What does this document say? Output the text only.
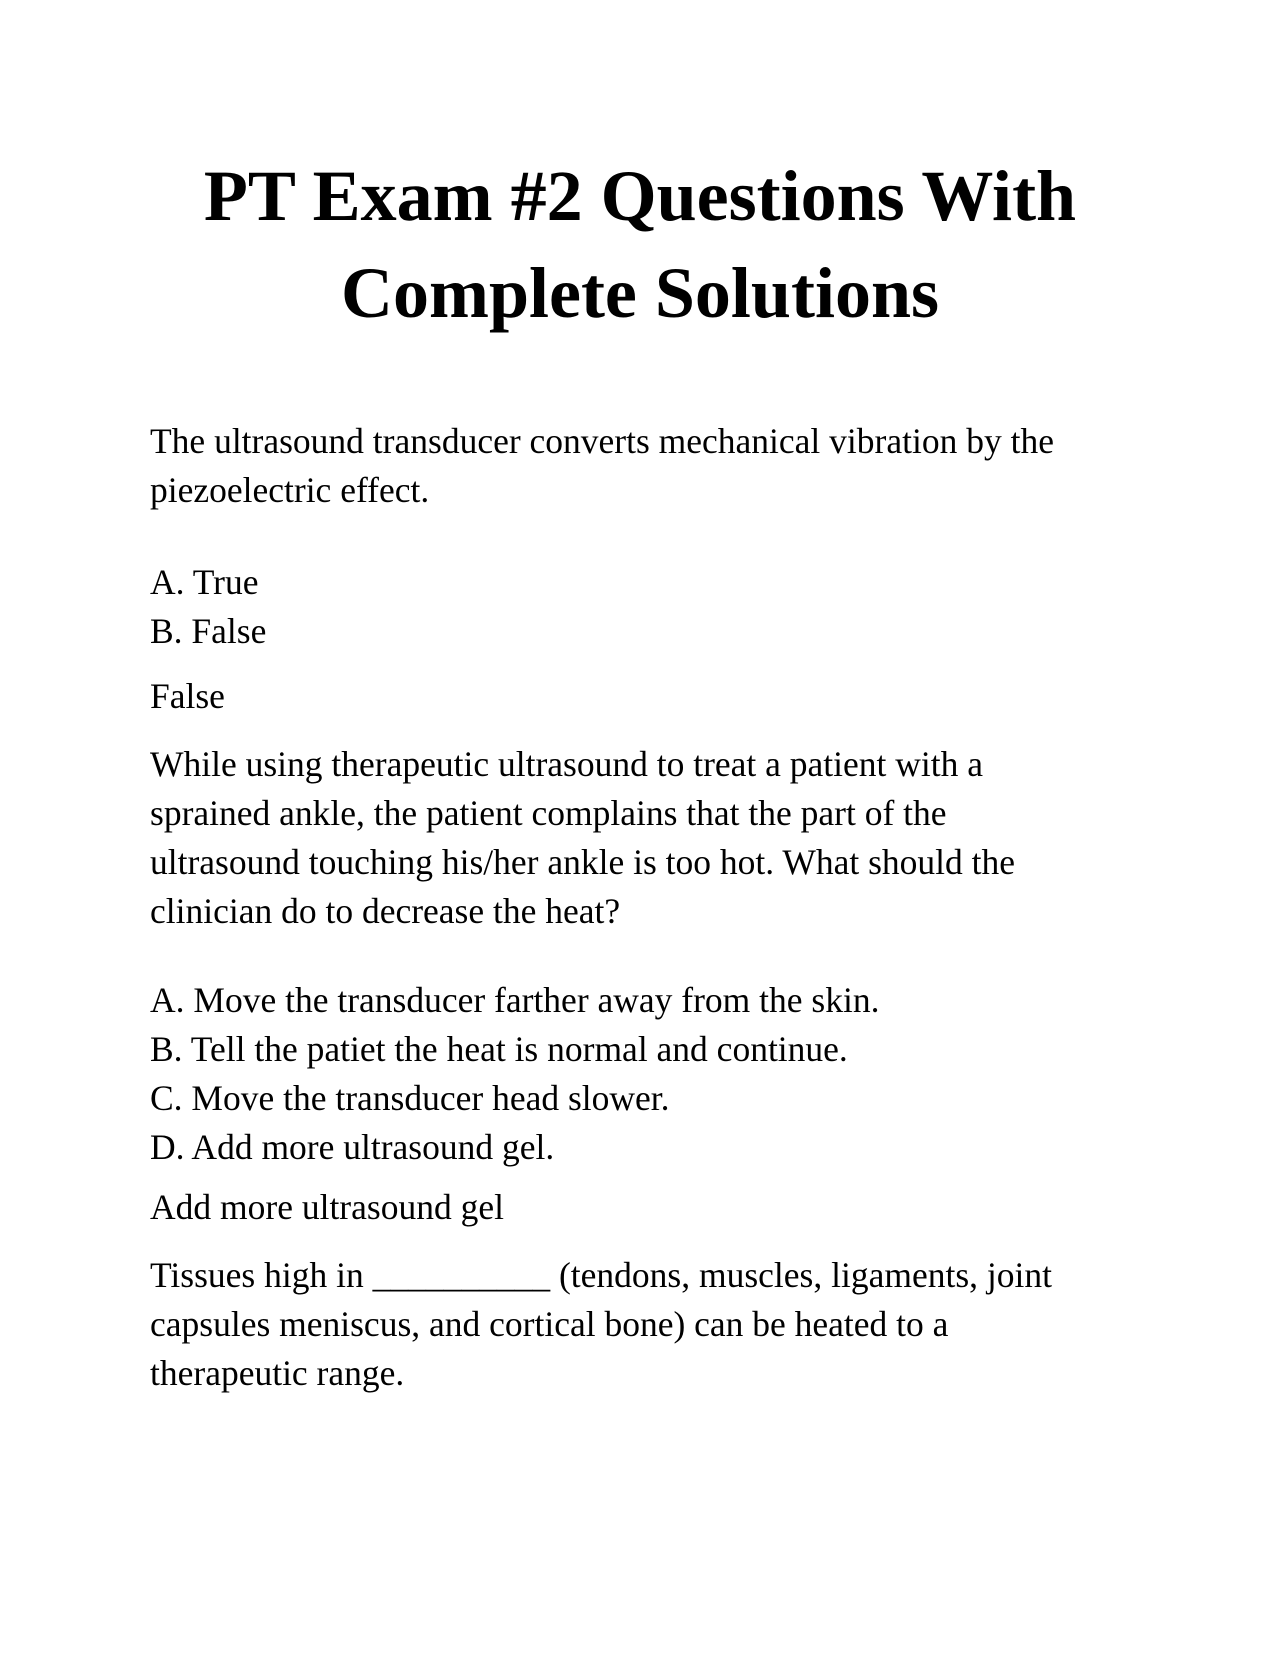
PT Exam #2 Questions With
Complete Solutions

The ultrasound transducer converts mechanical vibration by the
piezoelectric effect.

A. True
B. False

False

While using therapeutic ultrasound to treat a patient with a
sprained ankle, the patient complains that the part of the
ultrasound touching his/her ankle is too hot. What should the
clinician do to decrease the heat?

A. Move the transducer farther away from the skin.
B. Tell the patiet the heat is normal and continue.
C. Move the transducer head slower.
D. Add more ultrasound gel.

Add more ultrasound gel

Tissues high in __________ (tendons, muscles, ligaments, joint
capsules meniscus, and cortical bone) can be heated to a
therapeutic range.
